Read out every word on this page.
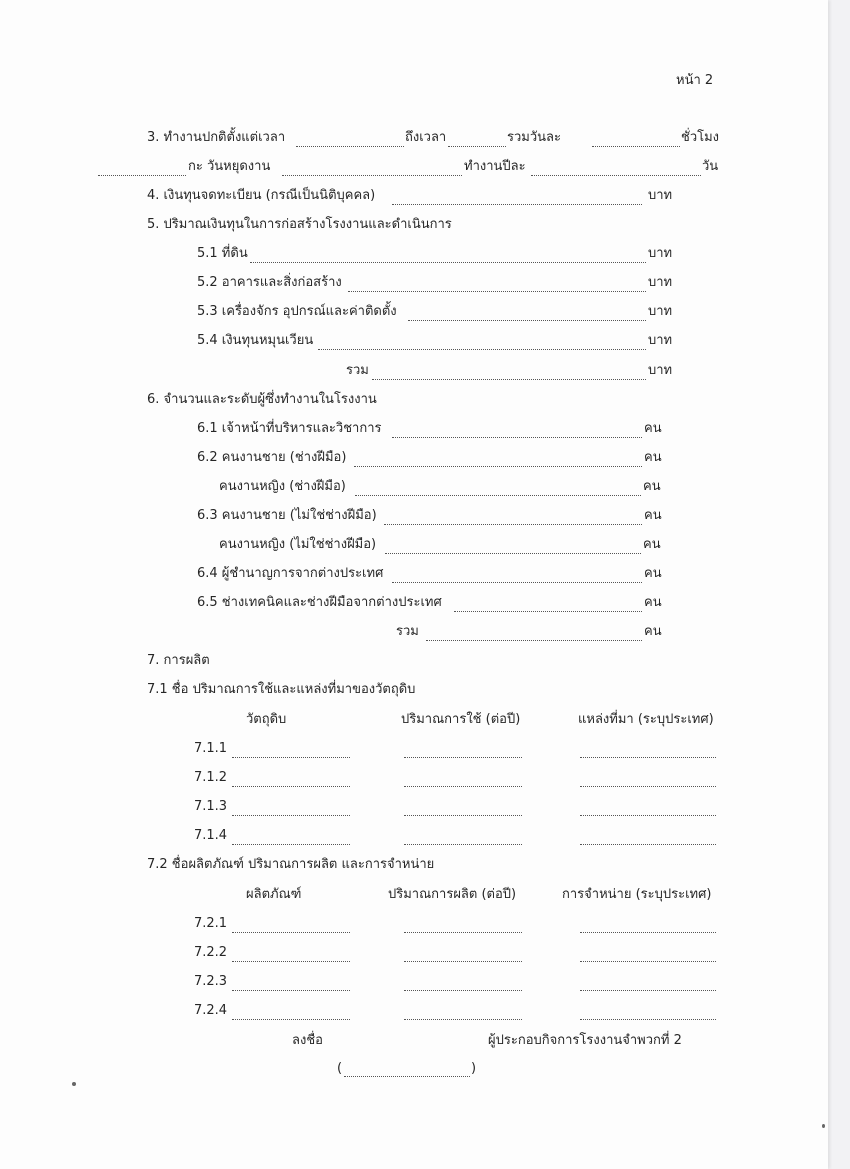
หน้า 2
3. ทำงานปกติตั้งแต่เวลา	ถึงเวลา	รวมวันละ	ชั่วโมง
กะ วันหยุดงาน	ทำงานปีละ	วัน
4. เงินทุนจดทะเบียน (กรณีเป็นนิติบุคคล)	บาท
5. ปริมาณเงินทุนในการก่อสร้างโรงงานและดำเนินการ
5.1 ที่ดิน	บาท
5.2 อาคารและสิ่งก่อสร้าง	บาท
5.3 เครื่องจักร อุปกรณ์และค่าติดตั้ง	บาท
5.4 เงินทุนหมุนเวียน	บาท
รวม	บาท
6. จำนวนและระดับผู้ซึ่งทำงานในโรงงาน
6.1 เจ้าหน้าที่บริหารและวิชาการ	คน
6.2 คนงานชาย (ช่างฝีมือ)	คน
คนงานหญิง (ช่างฝีมือ)	คน
6.3 คนงานชาย (ไม่ใช่ช่างฝีมือ)	คน
คนงานหญิง (ไม่ใช่ช่างฝีมือ)	คน
6.4 ผู้ชำนาญการจากต่างประเทศ	คน
6.5 ช่างเทคนิคและช่างฝีมือจากต่างประเทศ	คน
รวม	คน
7. การผลิต
7.1 ชื่อ ปริมาณการใช้และแหล่งที่มาของวัตถุดิบ
วัตถุดิบ	ปริมาณการใช้ (ต่อปี)	แหล่งที่มา (ระบุประเทศ)
7.1.1
7.1.2
7.1.3
7.1.4
7.2 ชื่อผลิตภัณฑ์ ปริมาณการผลิต และการจำหน่าย
ผลิตภัณฑ์	ปริมาณการผลิต (ต่อปี)	การจำหน่าย (ระบุประเทศ)
7.2.1
7.2.2
7.2.3
7.2.4
ลงชื่อ	ผู้ประกอบกิจการโรงงานจำพวกที่ 2
(	)
